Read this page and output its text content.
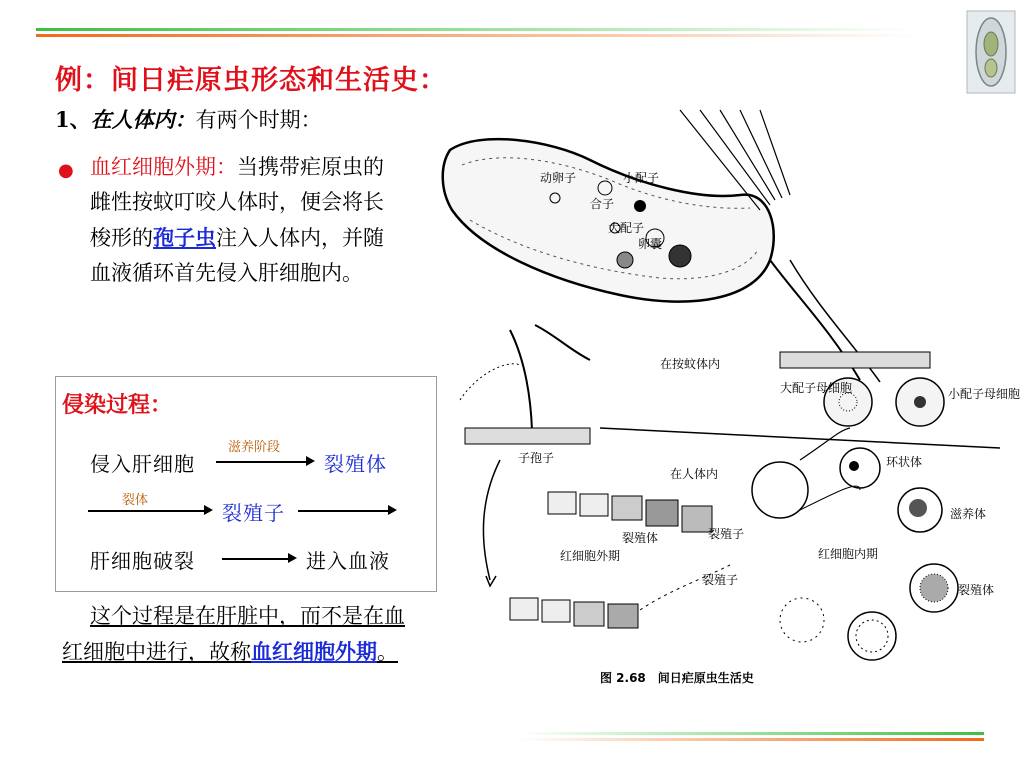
例：间日疟原虫形态和生活史：
1、在人体内：有两个时期：
● 血红细胞外期：当携带疟原虫的雌性按蚊叮咬人体时，便会将长梭形的孢子虫注入人体内，并随血液循环首先侵入肝细胞内。
侵染过程：
侵入肝细胞
滋养阶段
裂殖体
裂体
裂殖子
肝细胞破裂	进入血液
这个过程是在肝脏中，而不是在血红细胞中进行，故称血红细胞外期。
动卵子
合子
小配子
大配子
卵囊
在按蚊体内
大配子母细胞	小配子母细胞
子孢子
在人体内
裂殖体	裂殖子
红细胞外期
裂殖子
红细胞内期
环状体
滋养体
裂殖体
图 2.68　间日疟原虫生活史
